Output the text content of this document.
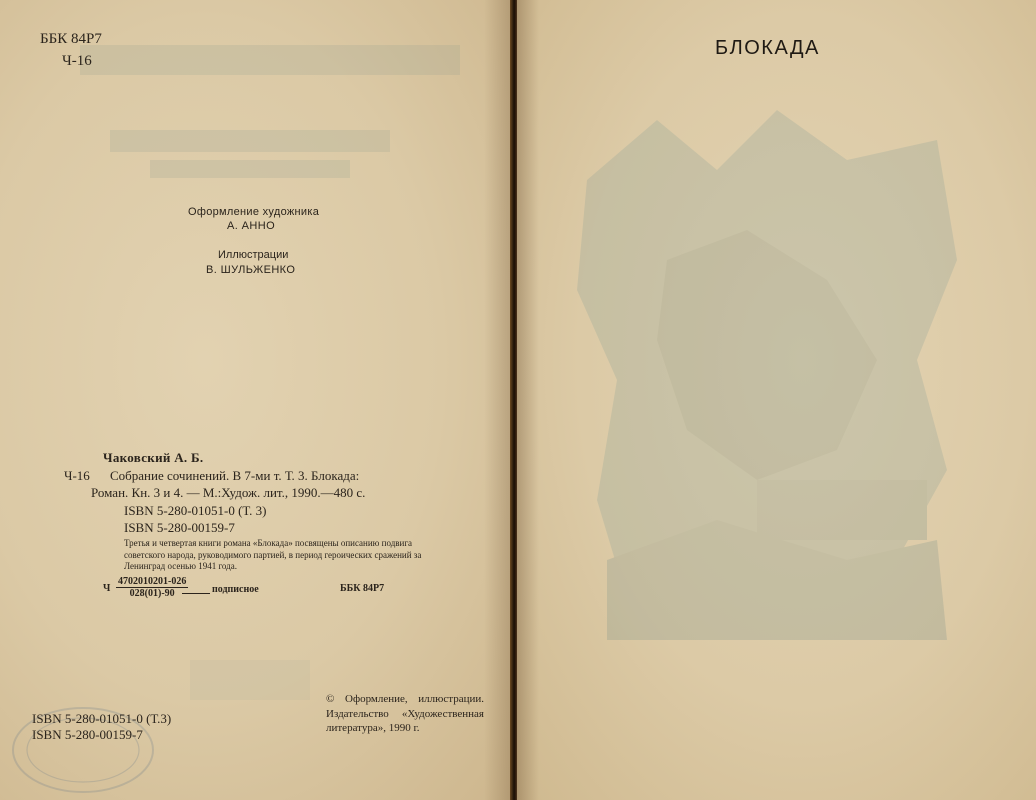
ББК 84Р7
Ч-16
Оформление художника
А. АННО
Иллюстрации
В. ШУЛЬЖЕНКО
Чаковский А. Б.
Ч-16 Собрание сочинений. В 7-ми т. Т. 3. Блокада:
Роман. Кн. 3 и 4. — М.:Худож. лит., 1990.—480 с.
ISBN 5-280-01051-0 (Т. 3)
ISBN 5-280-00159-7
Третья и четвертая книги романа «Блокада» посвящены описанию подвига советского народа, руководимого партией, в период героических сражений за Ленинград осенью 1941 года.
Ч $\frac{4702010201-026}{028(01)-90}$ подписное	ББК 84Р7
ISBN 5-280-01051-0 (Т.3)
ISBN 5-280-00159-7
© Оформление, иллюстрации. Издательство «Художественная литература», 1990 г.
БЛОКАДА
